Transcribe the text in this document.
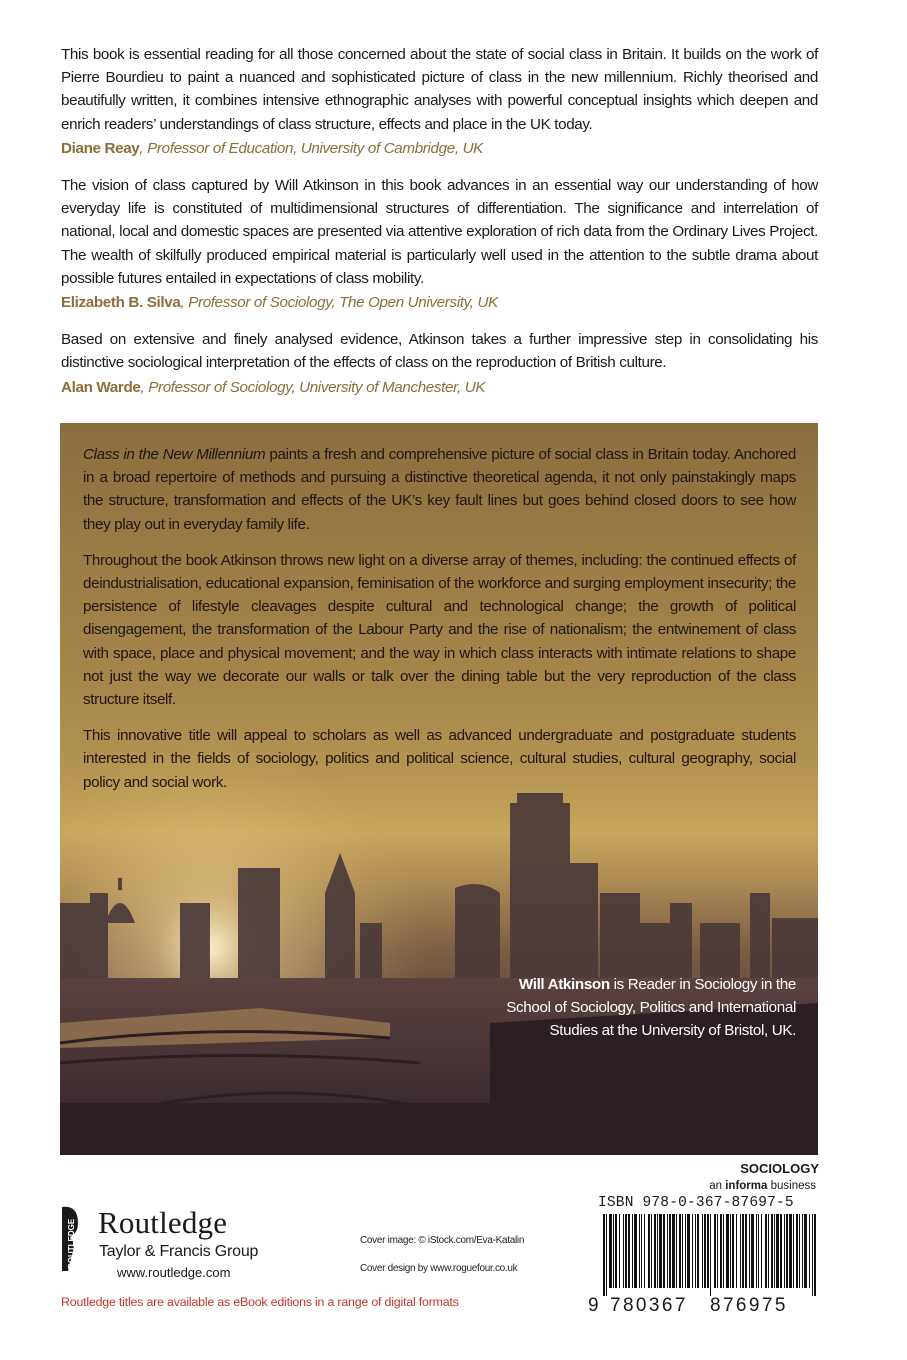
This book is essential reading for all those concerned about the state of social class in Britain. It builds on the work of Pierre Bourdieu to paint a nuanced and sophisticated picture of class in the new millennium. Richly theorised and beautifully written, it combines intensive ethnographic analyses with powerful conceptual insights which deepen and enrich readers’ understandings of class structure, effects and place in the UK today.

Diane Reay, Professor of Education, University of Cambridge, UK

The vision of class captured by Will Atkinson in this book advances in an essential way our understanding of how everyday life is constituted of multidimensional structures of differentiation. The significance and interrelation of national, local and domestic spaces are presented via attentive exploration of rich data from the Ordinary Lives Project. The wealth of skilfully produced empirical material is particularly well used in the attention to the subtle drama about possible futures entailed in expectations of class mobility.

Elizabeth B. Silva, Professor of Sociology, The Open University, UK

Based on extensive and finely analysed evidence, Atkinson takes a further impressive step in consolidating his distinctive sociological interpretation of the effects of class on the reproduction of British culture.

Alan Warde, Professor of Sociology, University of Manchester, UK

Class in the New Millennium paints a fresh and comprehensive picture of social class in Britain today. Anchored in a broad repertoire of methods and pursuing a distinctive theoretical agenda, it not only painstakingly maps the structure, transformation and effects of the UK’s key fault lines but goes behind closed doors to see how they play out in everyday family life.

Throughout the book Atkinson throws new light on a diverse array of themes, including: the continued effects of deindustrialisation, educational expansion, feminisation of the workforce and surging employment insecurity; the persistence of lifestyle cleavages despite cultural and technological change; the growth of political disengagement, the transformation of the Labour Party and the rise of nationalism; the entwinement of class with space, place and physical movement; and the way in which class interacts with intimate relations to shape not just the way we decorate our walls or talk over the dining table but the very reproduction of the class structure itself.

This innovative title will appeal to scholars as well as advanced undergraduate and postgraduate students interested in the fields of sociology, politics and political science, cultural studies, cultural geography, social policy and social work.

Will Atkinson is Reader in Sociology in the School of Sociology, Politics and International Studies at the University of Bristol, UK.
ROUTLEDGE Routledge
Taylor & Francis Group
www.routledge.com
Cover image: © iStock.com/Eva-Katalin
Cover design by www.roguefour.co.uk
Routledge titles are available as eBook editions in a range of digital formats
SOCIOLOGY
an informa business
ISBN 978-0-367-87697-5
9 780367 876975
